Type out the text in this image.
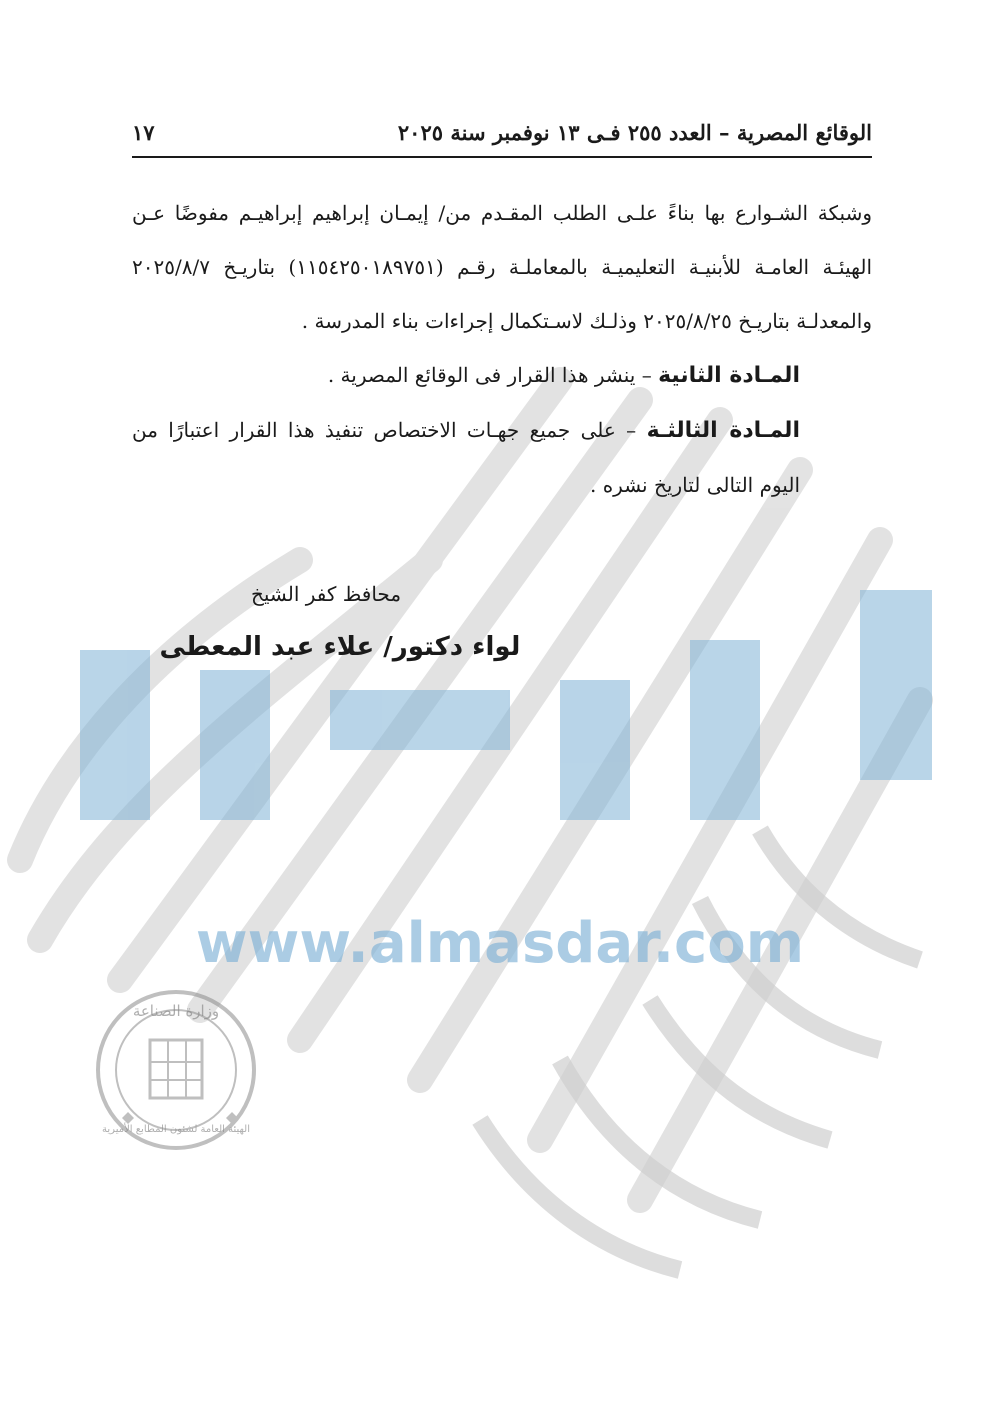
www.almasdar.com
وزارة الصناعة
الهيئة العامة لشئون المطابع الأميرية
الوقائع المصرية – العدد ٢٥٥ فـى ١٣ نوفمبر سنة ٢٠٢٥
١٧

وشبكة الشـوارع بها بناءً علـى الطلب المقـدم من/ إيمـان إبراهيم إبراهيـم مفوضًا عـن الهيئـة العامـة للأبنيـة التعليميـة بالمعاملـة رقـم (١١٥٤٢٥٠١٨٩٧٥١) بتاريـخ ٢٠٢٥/٨/٧ والمعدلـة بتاريـخ ٢٠٢٥/٨/٢٥ وذلـك لاسـتكمال إجراءات بناء المدرسة .

المـادة الثانية – ينشر هذا القرار فى الوقائع المصرية .

المـادة الثالثـة – على جميع جهـات الاختصاص تنفيذ هذا القرار اعتبارًا من اليوم التالى لتاريخ نشره .

محافظ كفر الشيخ
لواء دكتور/ علاء عبد المعطى
